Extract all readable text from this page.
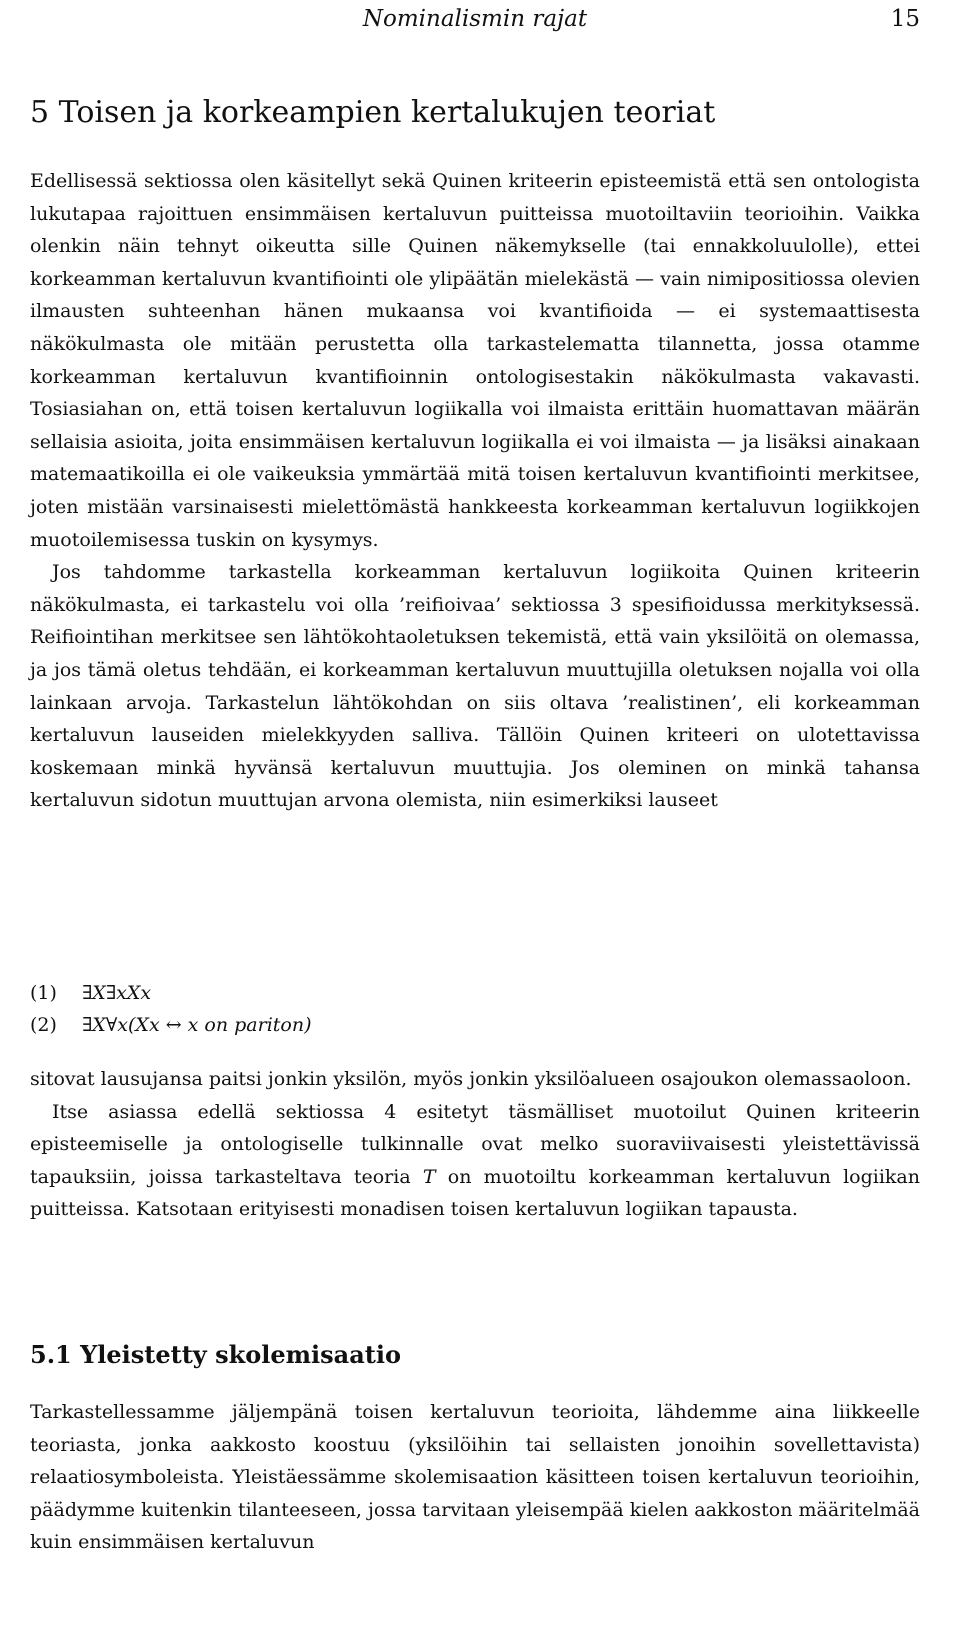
Nominalismin rajat	15
5 Toisen ja korkeampien kertalukujen teoriat

Edellisessä sektiossa olen käsitellyt sekä Quinen kriteerin episteemistä että sen ontologista lukutapaa rajoittuen ensimmäisen kertaluvun puitteissa muotoiltaviin teorioihin. Vaikka olenkin näin tehnyt oikeutta sille Quinen näkemykselle (tai ennakkoluulolle), ettei korkeamman kertaluvun kvantifiointi ole ylipäätän mielekästä — vain nimipositiossa olevien ilmausten suhteenhan hänen mukaansa voi kvantifioida — ei systemaattisesta näkökulmasta ole mitään perustetta olla tarkastelematta tilannetta, jossa otamme korkeamman kertaluvun kvantifioinnin ontologisestakin näkökulmasta vakavasti. Tosiasiahan on, että toisen kertaluvun logiikalla voi ilmaista erittäin huomattavan määrän sellaisia asioita, joita ensimmäisen kertaluvun logiikalla ei voi ilmaista — ja lisäksi ainakaan matemaatikoilla ei ole vaikeuksia ymmärtää mitä toisen kertaluvun kvantifiointi merkitsee, joten mistään varsinaisesti mielettömästä hankkeesta korkeamman kertaluvun logiikkojen muotoilemisessa tuskin on kysymys.

Jos tahdomme tarkastella korkeamman kertaluvun logiikoita Quinen kriteerin näkökulmasta, ei tarkastelu voi olla ’reifioivaa’ sektiossa 3 spesifioidussa merkityksessä. Reifiointihan merkitsee sen lähtökohtaoletuksen tekemistä, että vain yksilöitä on olemassa, ja jos tämä oletus tehdään, ei korkeamman kertaluvun muuttujilla oletuksen nojalla voi olla lainkaan arvoja. Tarkastelun lähtökohdan on siis oltava ’realistinen’, eli korkeamman kertaluvun lauseiden mielekkyyden salliva. Tällöin Quinen kriteeri on ulotettavissa koskemaan minkä hyvänsä kertaluvun muuttujia. Jos oleminen on minkä tahansa kertaluvun sidotun muuttujan arvona olemista, niin esimerkiksi lauseet

(1)	∃X∃xXx
(2)	∃X∀x(Xx ↔ x on pariton)

sitovat lausujansa paitsi jonkin yksilön, myös jonkin yksilöalueen osajoukon olemassaoloon.

Itse asiassa edellä sektiossa 4 esitetyt täsmälliset muotoilut Quinen kriteerin episteemiselle ja ontologiselle tulkinnalle ovat melko suoraviivaisesti yleistettävissä tapauksiin, joissa tarkasteltava teoria T on muotoiltu korkeamman kertaluvun logiikan puitteissa. Katsotaan erityisesti monadisen toisen kertaluvun logiikan tapausta.

5.1 Yleistetty skolemisaatio

Tarkastellessamme jäljempänä toisen kertaluvun teorioita, lähdemme aina liikkeelle teoriasta, jonka aakkosto koostuu (yksilöihin tai sellaisten jonoihin sovellettavista) relaatiosymboleista. Yleistäessämme skolemisaation käsitteen toisen kertaluvun teorioihin, päädymme kuitenkin tilanteeseen, jossa tarvitaan yleisempää kielen aakkoston määritelmää kuin ensimmäisen kertaluvun
